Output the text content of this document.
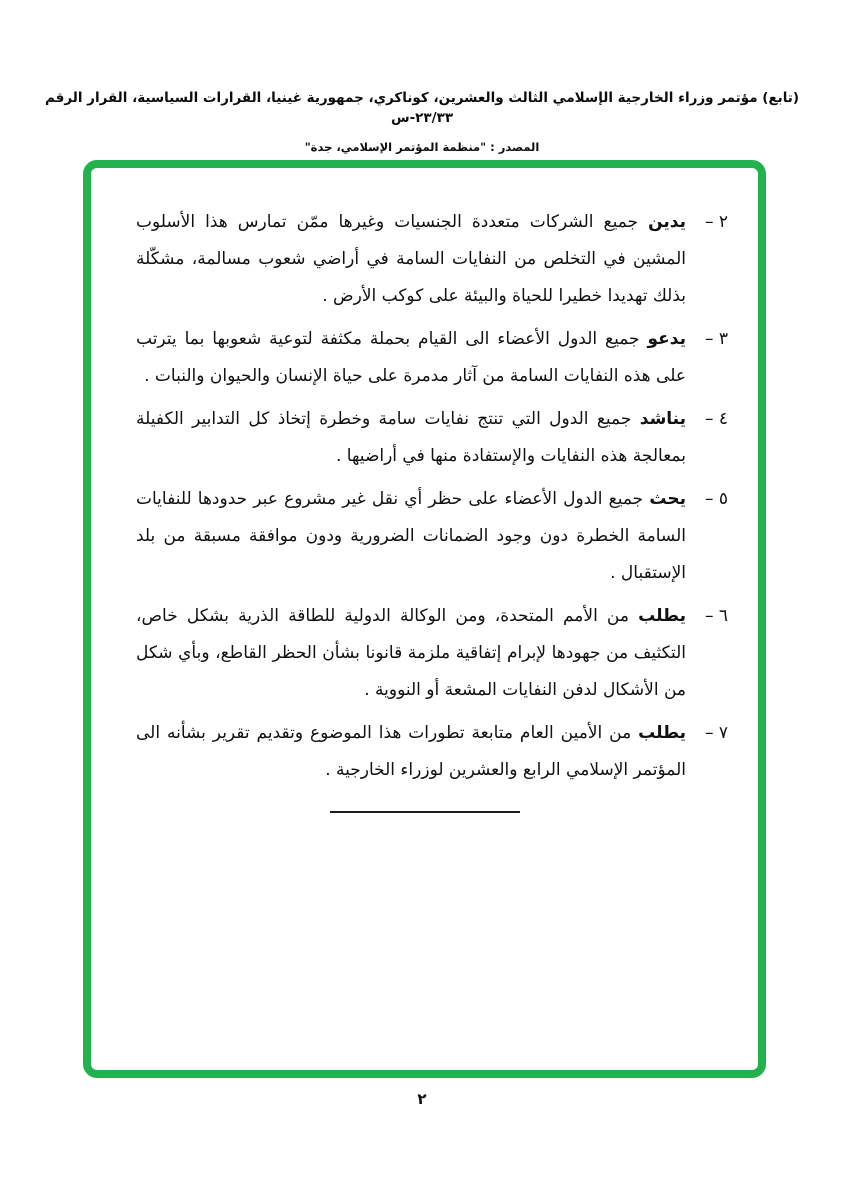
(تابع) مؤتمر وزراء الخارجية الإسلامي الثالث والعشرين، كوناكري، جمهورية غينيا، القرارات السياسية، القرار الرقم ٢٣/٣٣-س
المصدر : "منظمة المؤتمر الإسلامي، جدة"
٢ –

يدين جميع الشركات متعددة الجنسيات وغيرها ممّن تمارس هذا الأسلوب المشين في التخلص من النفايات السامة في أراضي شعوب مسالمة، مشكّلة بذلك تهديدا خطيرا للحياة والبيئة على كوكب الأرض .

٣ –

يدعو جميع الدول الأعضاء الى القيام بحملة مكثفة لتوعية شعوبها بما يترتب على هذه النفايات السامة من آثار مدمرة على حياة الإنسان والحيوان والنبات .

٤ –

يناشد جميع الدول التي تنتج نفايات سامة وخطرة إتخاذ كل التدابير الكفيلة بمعالجة هذه النفايات والإستفادة منها في أراضيها .

٥ –

يحث جميع الدول الأعضاء على حظر أي نقل غير مشروع عبر حدودها للنفايات السامة الخطرة دون وجود الضمانات الضرورية ودون موافقة مسبقة من بلد الإستقبال .

٦ –

يطلب من الأمم المتحدة، ومن الوكالة الدولية للطاقة الذرية بشكل خاص، التكثيف من جهودها لإبرام إتفاقية ملزمة قانونا بشأن الحظر القاطع، وبأي شكل من الأشكال لدفن النفايات المشعة أو النووية .

٧ –

يطلب من الأمين العام متابعة تطورات هذا الموضوع وتقديم تقرير بشأنه الى المؤتمر الإسلامي الرابع والعشرين لوزراء الخارجية .

٢
